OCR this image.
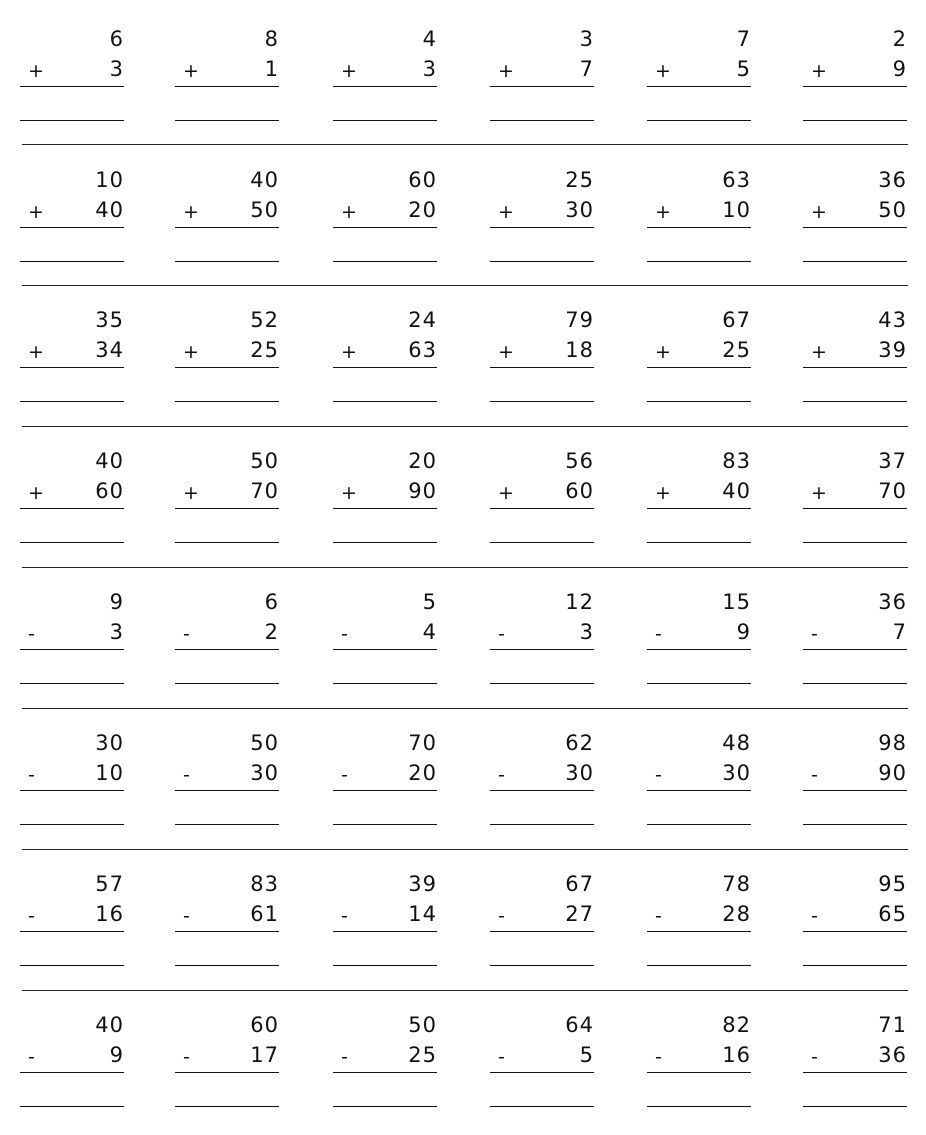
6
+	3
8
+	1
4
+	3
3
+	7
7
+	5
2
+	9
10
+ 40
40
+ 50
60
+ 20
25
+ 30
63
+ 10
36
+ 50
35
+ 34
52
+ 25
24
+ 63
79
+ 18
67
+ 25
43
+ 39
40
+ 60
50
+ 70
20
+ 90
56
+ 60
83
+ 40
37
+ 70
9
-	3
6
-	2
5
-	4
12
-	3
15
-	9
36
-	7
30
-	10
50
-	30
70
-	20
62
-	30
48
-	30
98
-	90
57
-	16
83
-	61
39
-	14
67
-	27
78
-	28
95
-	65
40
-	9
60
-	17
50
-	25
64
-	5
82
-	16
71
-	36
